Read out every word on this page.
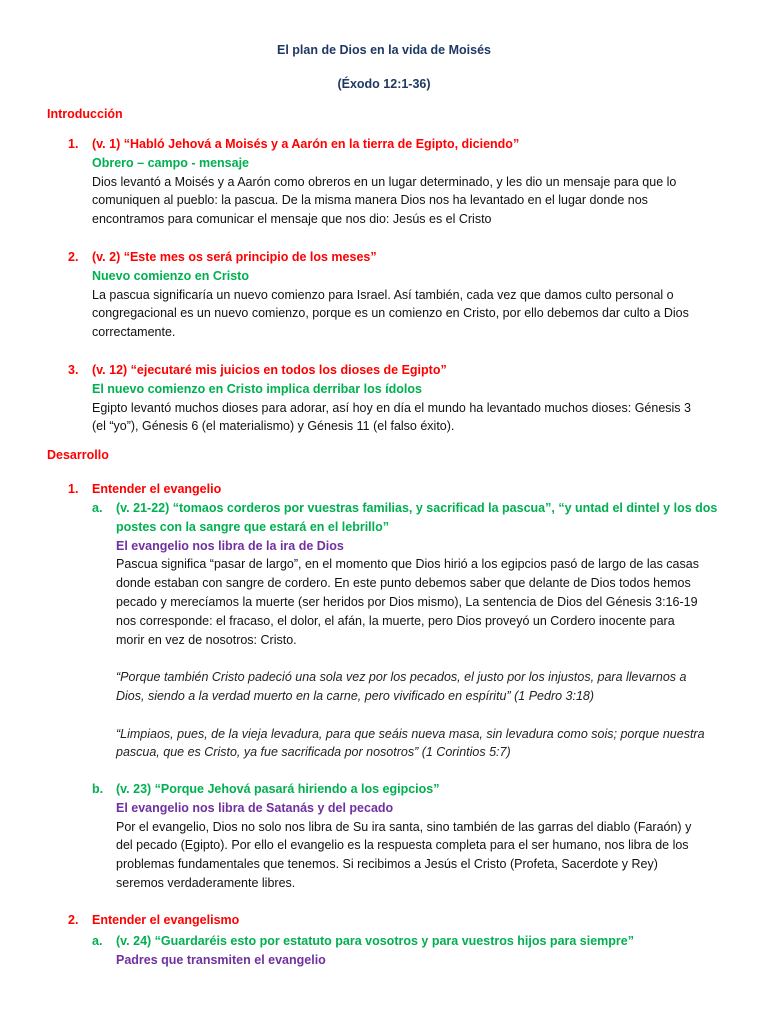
El plan de Dios en la vida de Moisés
(Éxodo 12:1-36)
Introducción
1. (v. 1) “Habló Jehová a Moisés y a Aarón en la tierra de Egipto, diciendo”
Obrero – campo - mensaje
Dios levantó a Moisés y a Aarón como obreros en un lugar determinado, y les dio un mensaje para que lo
comuniquen al pueblo: la pascua. De la misma manera Dios nos ha levantado en el lugar donde nos
encontramos para comunicar el mensaje que nos dio: Jesús es el Cristo
2. (v. 2) “Este mes os será principio de los meses”
Nuevo comienzo en Cristo
La pascua significaría un nuevo comienzo para Israel. Así también, cada vez que damos culto personal o
congregacional es un nuevo comienzo, porque es un comienzo en Cristo, por ello debemos dar culto a Dios
correctamente.
3. (v. 12) “ejecutaré mis juicios en todos los dioses de Egipto”
El nuevo comienzo en Cristo implica derribar los ídolos
Egipto levantó muchos dioses para adorar, así hoy en día el mundo ha levantado muchos dioses: Génesis 3
(el “yo”), Génesis 6 (el materialismo) y Génesis 11 (el falso éxito).
Desarrollo
1. Entender el evangelio
a. (v. 21-22) “tomaos corderos por vuestras familias, y sacrificad la pascua”, “y untad el dintel y los dos
postes con la sangre que estará en el lebrillo”
El evangelio nos libra de la ira de Dios
Pascua significa “pasar de largo”, en el momento que Dios hirió a los egipcios pasó de largo de las casas
donde estaban con sangre de cordero. En este punto debemos saber que delante de Dios todos hemos
pecado y merecíamos la muerte (ser heridos por Dios mismo), La sentencia de Dios del Génesis 3:16-19
nos corresponde: el fracaso, el dolor, el afán, la muerte, pero Dios proveyó un Cordero inocente para
morir en vez de nosotros: Cristo.
“Porque también Cristo padeció una sola vez por los pecados, el justo por los injustos, para llevarnos a
Dios, siendo a la verdad muerto en la carne, pero vivificado en espíritu” (1 Pedro 3:18)
“Limpiaos, pues, de la vieja levadura, para que seáis nueva masa, sin levadura como sois; porque nuestra
pascua, que es Cristo, ya fue sacrificada por nosotros” (1 Corintios 5:7)
b. (v. 23) “Porque Jehová pasará hiriendo a los egipcios”
El evangelio nos libra de Satanás y del pecado
Por el evangelio, Dios no solo nos libra de Su ira santa, sino también de las garras del diablo (Faraón) y
del pecado (Egipto). Por ello el evangelio es la respuesta completa para el ser humano, nos libra de los
problemas fundamentales que tenemos. Si recibimos a Jesús el Cristo (Profeta, Sacerdote y Rey)
seremos verdaderamente libres.
2. Entender el evangelismo
a. (v. 24) “Guardaréis esto por estatuto para vosotros y para vuestros hijos para siempre”
Padres que transmiten el evangelio
